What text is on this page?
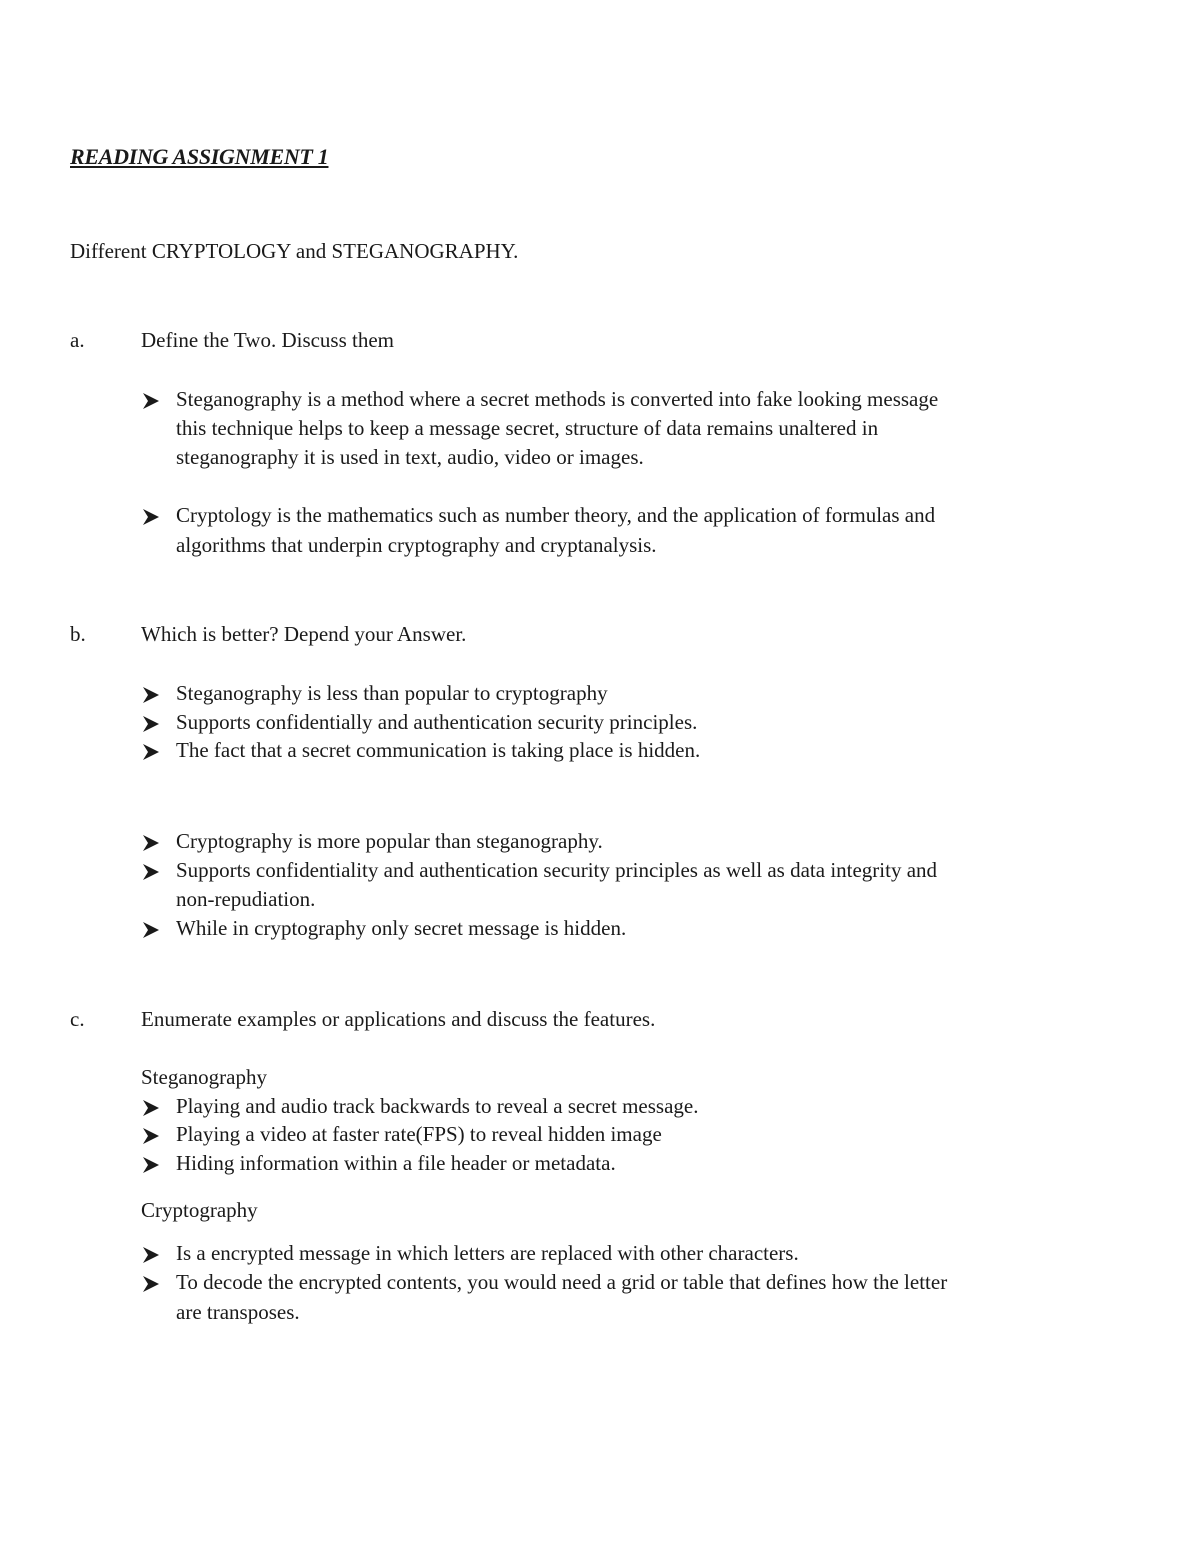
READING ASSIGNMENT 1
Different CRYPTOLOGY and STEGANOGRAPHY.
a.	Define the Two. Discuss them
Steganography is a method where a secret methods is converted into fake looking message
this technique helps to keep a message secret, structure of data remains unaltered in
steganography it is used in text, audio, video or images.
Cryptology is the mathematics such as number theory, and the application of formulas and
algorithms that underpin cryptography and cryptanalysis.
b.	Which is better? Depend your Answer.
Steganography is less than popular to cryptography
Supports confidentially and authentication security principles.
The fact that a secret communication is taking place is hidden.
Cryptography is more popular than steganography.
Supports confidentiality and authentication security principles as well as data integrity and
non-repudiation.
While in cryptography only secret message is hidden.
c.	Enumerate examples or applications and discuss the features.
Steganography
Playing and audio track backwards to reveal a secret message.
Playing a video at faster rate(FPS) to reveal hidden image
Hiding information within a file header or metadata.
Cryptography
Is a encrypted message in which letters are replaced with other characters.
To decode the encrypted contents, you would need a grid or table that defines how the letter
are transposes.
